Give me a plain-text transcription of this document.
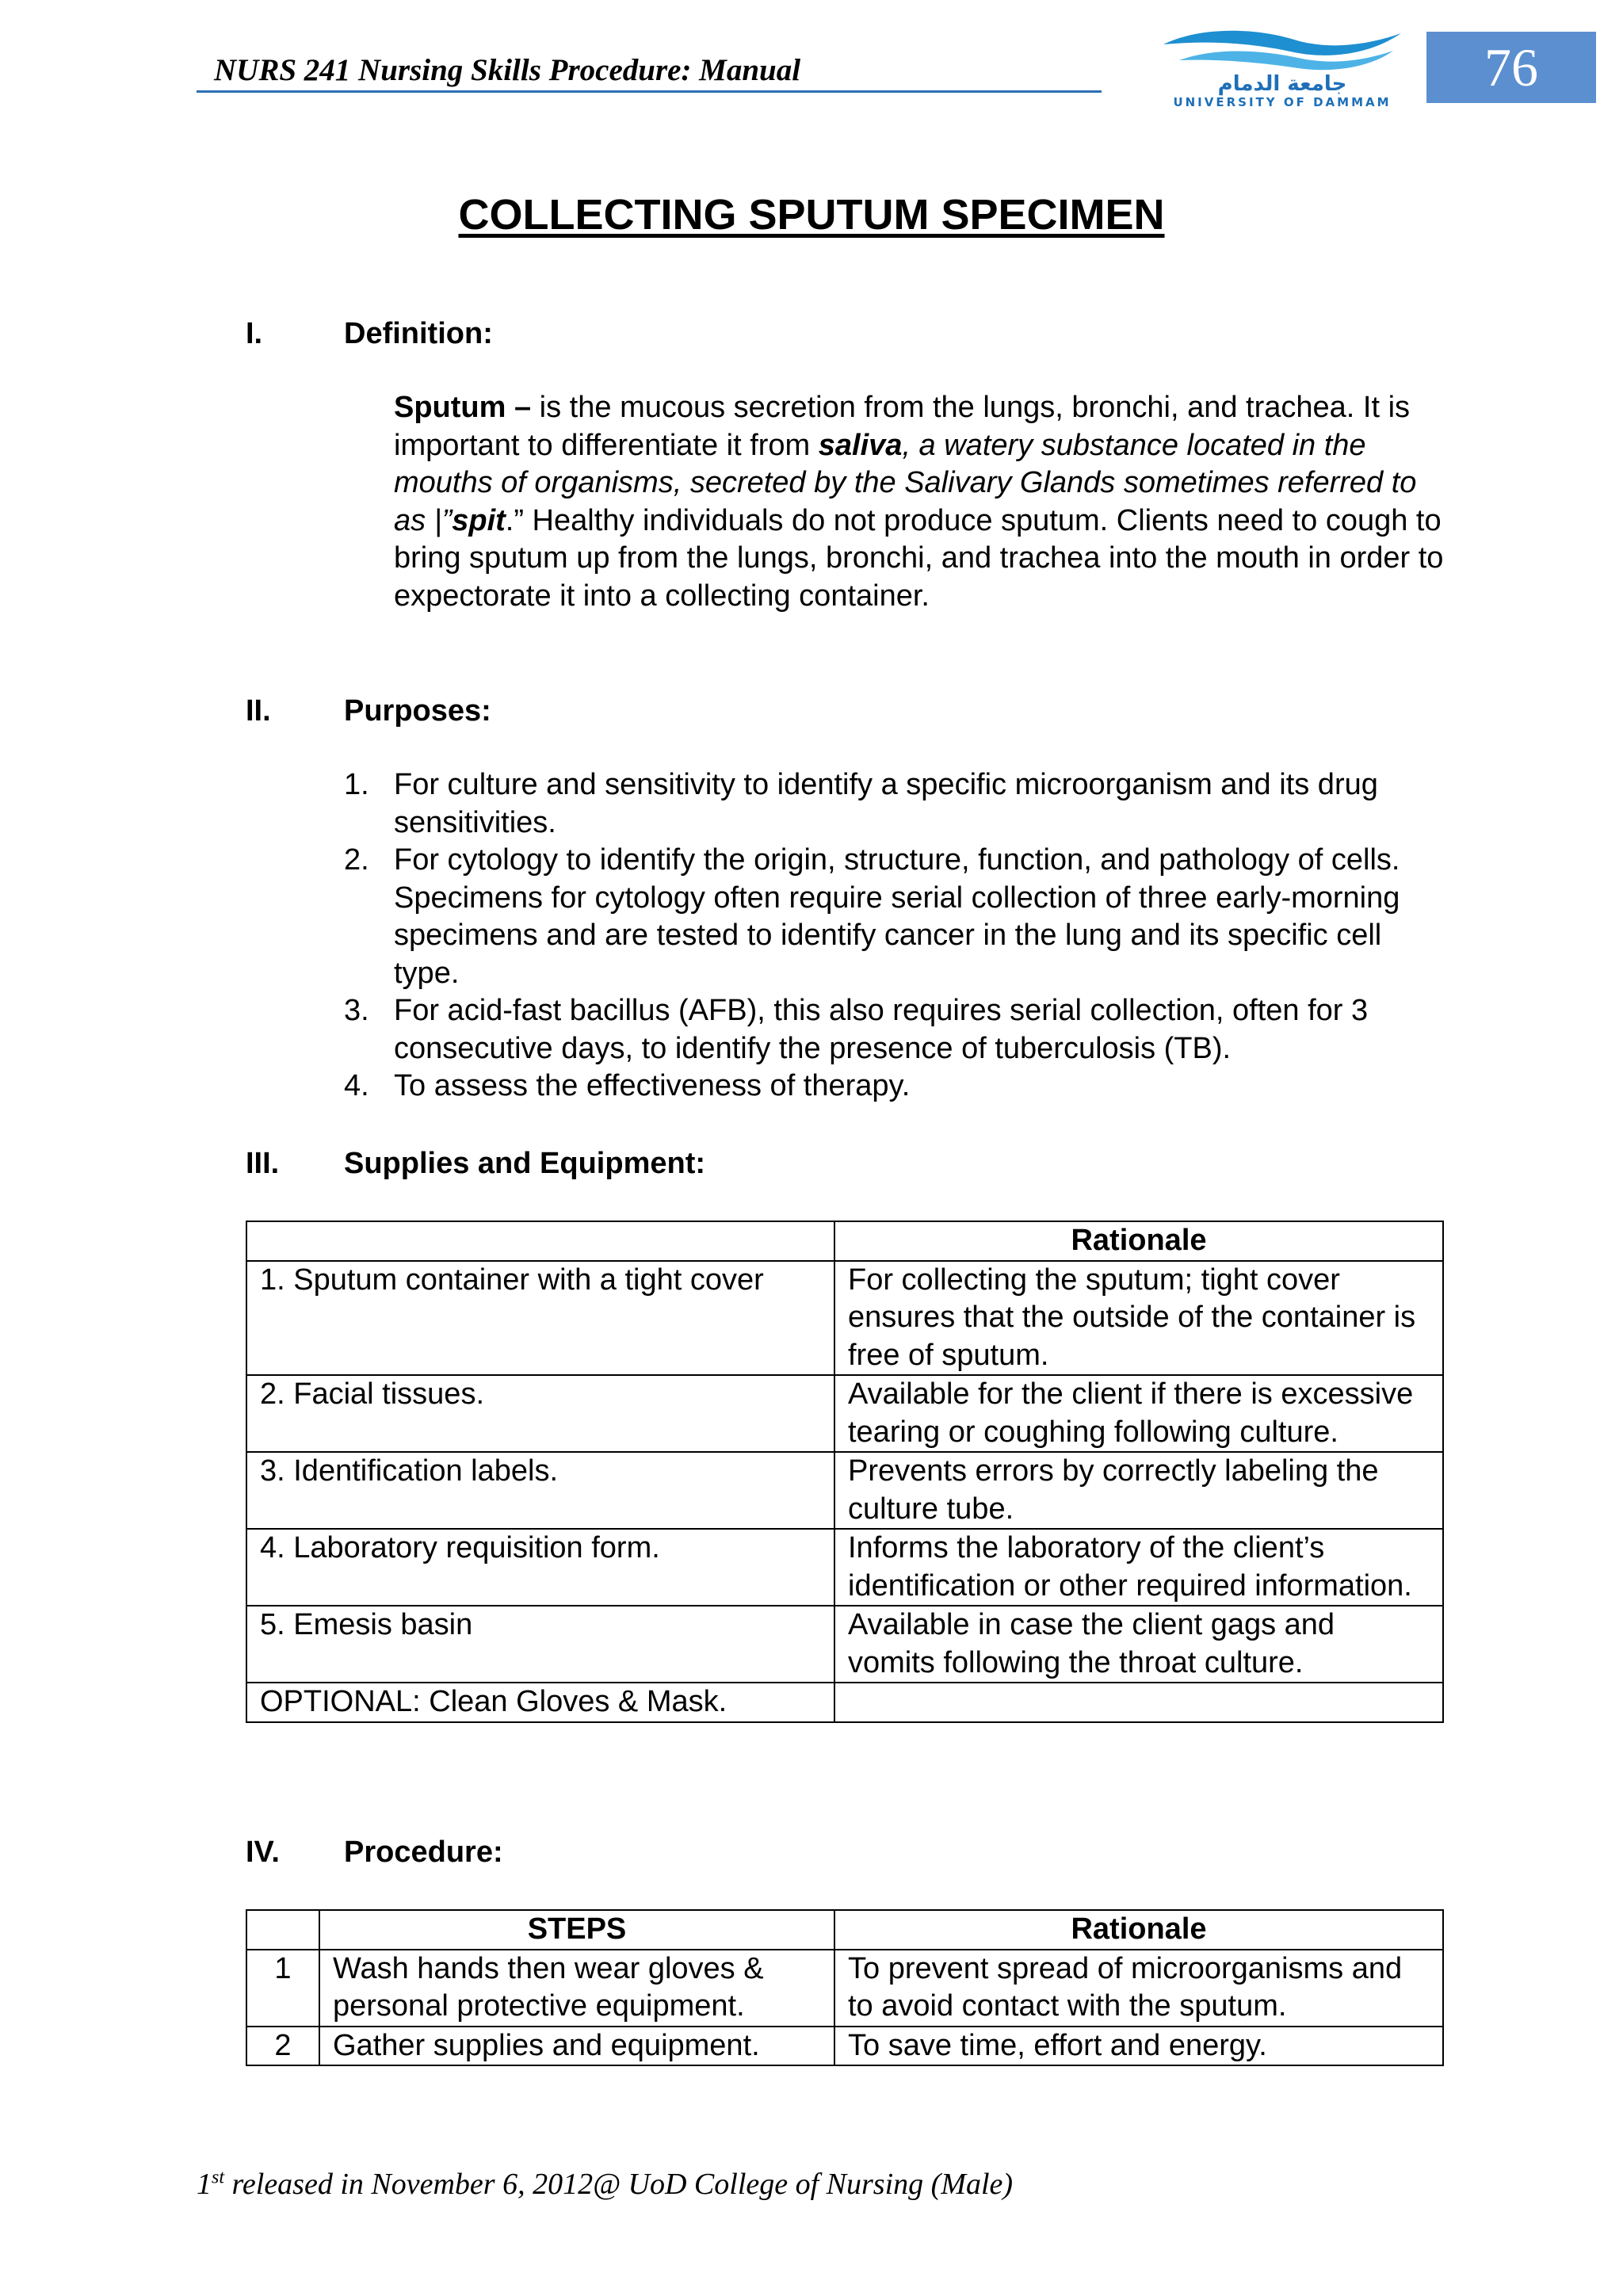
NURS 241 Nursing Skills Procedure: Manual	جامعة الدمام
UNIVERSITY OF DAMMAM
76
COLLECTING SPUTUM SPECIMEN
I.	Definition:
Sputum – is the mucous secretion from the lungs, bronchi, and trachea. It is important to differentiate it from saliva, a watery substance located in the mouths of organisms, secreted by the Salivary Glands sometimes referred to as |”spit.” Healthy individuals do not produce sputum. Clients need to cough to bring sputum up from the lungs, bronchi, and trachea into the mouth in order to expectorate it into a collecting container.
II. Purposes:
1. For culture and sensitivity to identify a specific microorganism and its drug sensitivities.
2. For cytology to identify the origin, structure, function, and pathology of cells. Specimens for cytology often require serial collection of three early-morning specimens and are tested to identify cancer in the lung and its specific cell type.
3. For acid-fast bacillus (AFB), this also requires serial collection, often for 3 consecutive days, to identify the presence of tuberculosis (TB).
4. To assess the effectiveness of therapy.
III. Supplies and Equipment:
	Rationale
1. Sputum container with a tight cover	For collecting the sputum; tight cover ensures that the outside of the container is free of sputum.
2. Facial tissues.	Available for the client if there is excessive tearing or coughing following culture.
3. Identification labels.	Prevents errors by correctly labeling the culture tube.
4. Laboratory requisition form.	Informs the laboratory of the client’s identification or other required information.
5. Emesis basin	Available in case the client gags and vomits following the throat culture.
OPTIONAL: Clean Gloves & Mask.	
IV. Procedure:
	STEPS	Rationale
1	Wash hands then wear gloves & personal protective equipment.	To prevent spread of microorganisms and to avoid contact with the sputum.
2	Gather supplies and equipment.	To save time, effort and energy.
1st released in November 6, 2012@ UoD College of Nursing (Male)
